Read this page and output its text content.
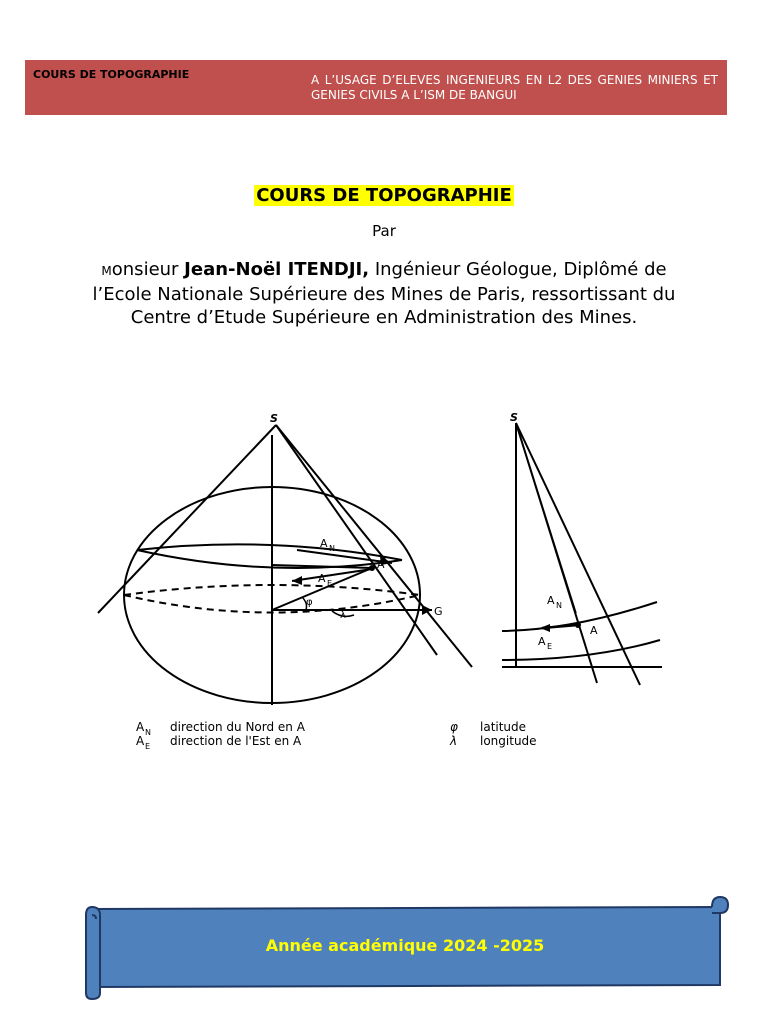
COURS DE TOPOGRAPHIE	A L’USAGE D’ELEVES INGENIEURS EN L2 DES GENIES MINIERS ET GENIES CIVILS A L’ISM DE BANGUI
COURS DE TOPOGRAPHIE
Par
Monsieur Jean-Noël ITENDJI, Ingénieur Géologue, Diplômé de l’Ecole Nationale Supérieure des Mines de Paris, ressortissant du Centre d’Etude Supérieure en Administration des Mines.
S	S
A N
A E
A
G
φ
λ
A N
A E
A
A N direction du Nord en A
A E direction de l'Est en A
φ latitude
λ longitude
Année académique 2024 -2025
